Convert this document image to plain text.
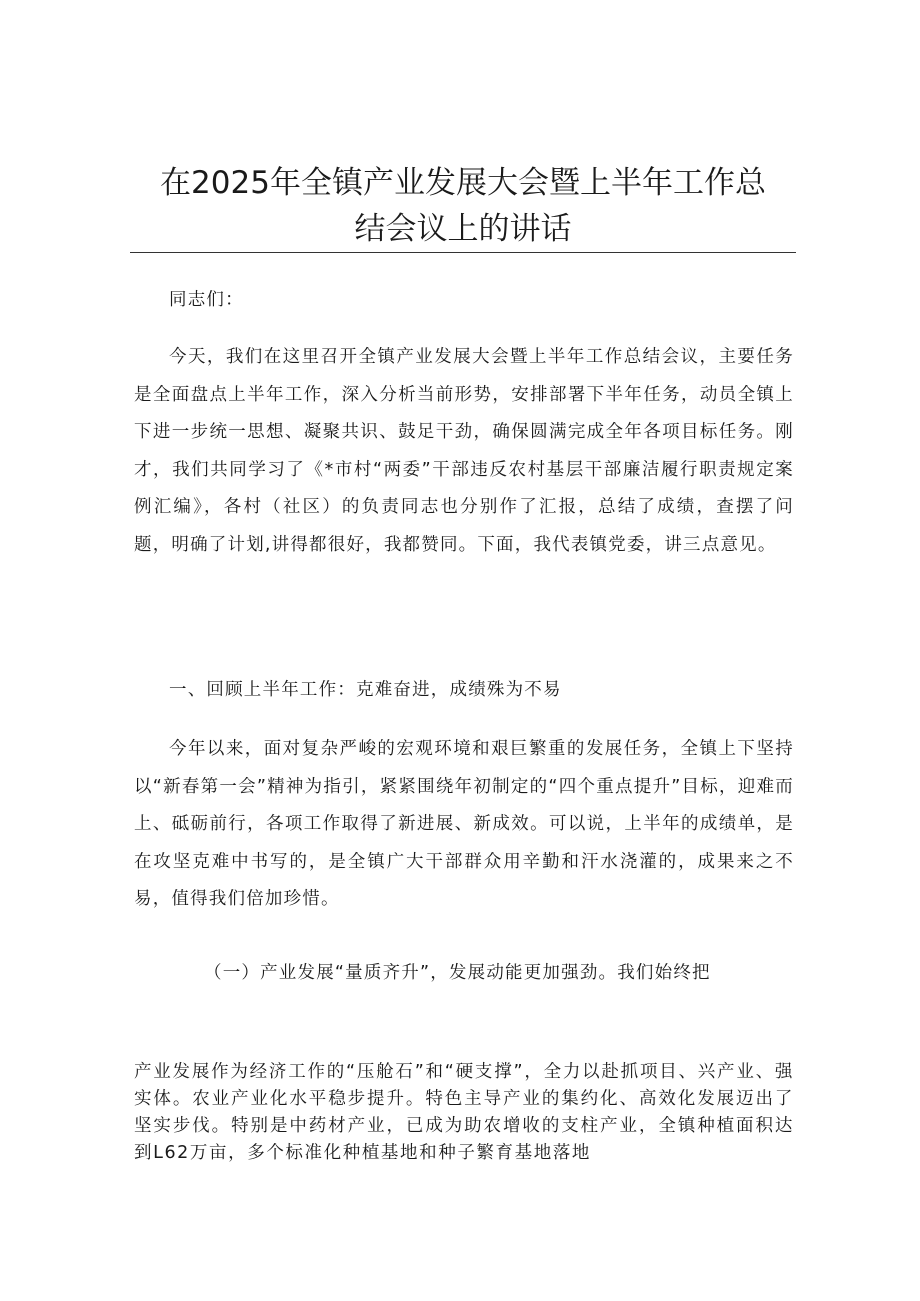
在2025年全镇产业发展大会暨上半年工作总
结会议上的讲话

同志们：

今天，我们在这里召开全镇产业发展大会暨上半年工作总结会议，主要任务是全面盘点上半年工作，深入分析当前形势，安排部署下半年任务，动员全镇上下进一步统一思想、凝聚共识、鼓足干劲，确保圆满完成全年各项目标任务。刚才，我们共同学习了《*市村“两委”干部违反农村基层干部廉洁履行职责规定案例汇编》，各村（社区）的负责同志也分别作了汇报，总结了成绩，查摆了问题，明确了计划,讲得都很好，我都赞同。下面，我代表镇党委，讲三点意见。

一、回顾上半年工作：克难奋进，成绩殊为不易

今年以来，面对复杂严峻的宏观环境和艰巨繁重的发展任务，全镇上下坚持以“新春第一会”精神为指引，紧紧围绕年初制定的“四个重点提升”目标，迎难而上、砥砺前行，各项工作取得了新进展、新成效。可以说，上半年的成绩单，是在攻坚克难中书写的，是全镇广大干部群众用辛勤和汗水浇灌的，成果来之不易，值得我们倍加珍惜。

（一）产业发展“量质齐升”，发展动能更加强劲。我们始终把

产业发展作为经济工作的“压舱石”和“硬支撑”，全力以赴抓项目、兴产业、强实体。农业产业化水平稳步提升。特色主导产业的集约化、高效化发展迈出了坚实步伐。特别是中药材产业，已成为助农增收的支柱产业，全镇种植面积达到L62万亩，多个标准化种植基地和种子繁育基地落地
